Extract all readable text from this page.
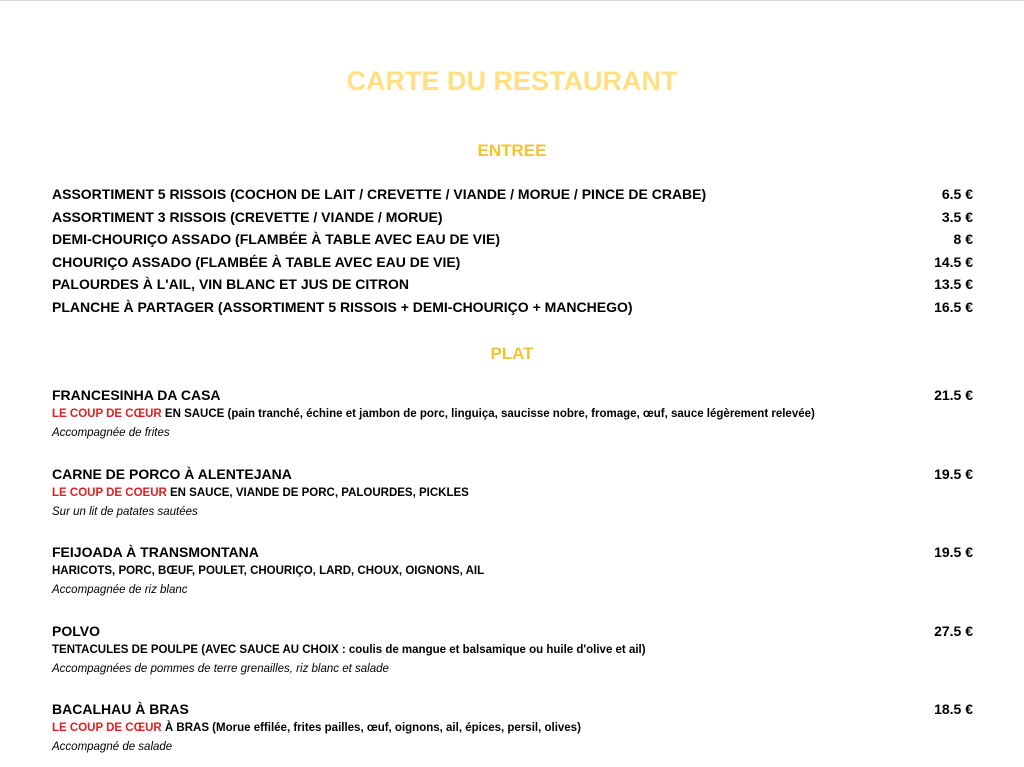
CARTE DU RESTAURANT
ENTREE
ASSORTIMENT 5 RISSOIS (COCHON DE LAIT / CREVETTE / VIANDE / MORUE / PINCE DE CRABE)	6.5 €
ASSORTIMENT 3 RISSOIS (CREVETTE / VIANDE / MORUE)	3.5 €
DEMI-CHOURIÇO ASSADO (FLAMBÉE À TABLE AVEC EAU DE VIE)	8 €
CHOURIÇO ASSADO (FLAMBÉE À TABLE AVEC EAU DE VIE)	14.5 €
PALOURDES À L'AIL, VIN BLANC ET JUS DE CITRON	13.5 €
PLANCHE À PARTAGER (ASSORTIMENT 5 RISSOIS + DEMI-CHOURIÇO + MANCHEGO)	16.5 €
PLAT
FRANCESINHA DA CASA	21.5 €
LE COUP DE CŒUR EN SAUCE (pain tranché, échine et jambon de porc, linguiça, saucisse nobre, fromage, œuf, sauce légèrement relevée)
Accompagnée de frites
CARNE DE PORCO À ALENTEJANA	19.5 €
LE COUP DE COEUR EN SAUCE, VIANDE DE PORC, PALOURDES, PICKLES
Sur un lit de patates sautées
FEIJOADA À TRANSMONTANA	19.5 €
HARICOTS, PORC, BŒUF, POULET, CHOURIÇO, LARD, CHOUX, OIGNONS, AIL
Accompagnée de riz blanc
POLVO	27.5 €
TENTACULES DE POULPE (AVEC SAUCE AU CHOIX : coulis de mangue et balsamique ou huile d'olive et ail)
Accompagnées de pommes de terre grenailles, riz blanc et salade
BACALHAU À BRAS	18.5 €
LE COUP DE CŒUR À BRAS (Morue effilée, frites pailles, œuf, oignons, ail, épices, persil, olives)
Accompagné de salade
